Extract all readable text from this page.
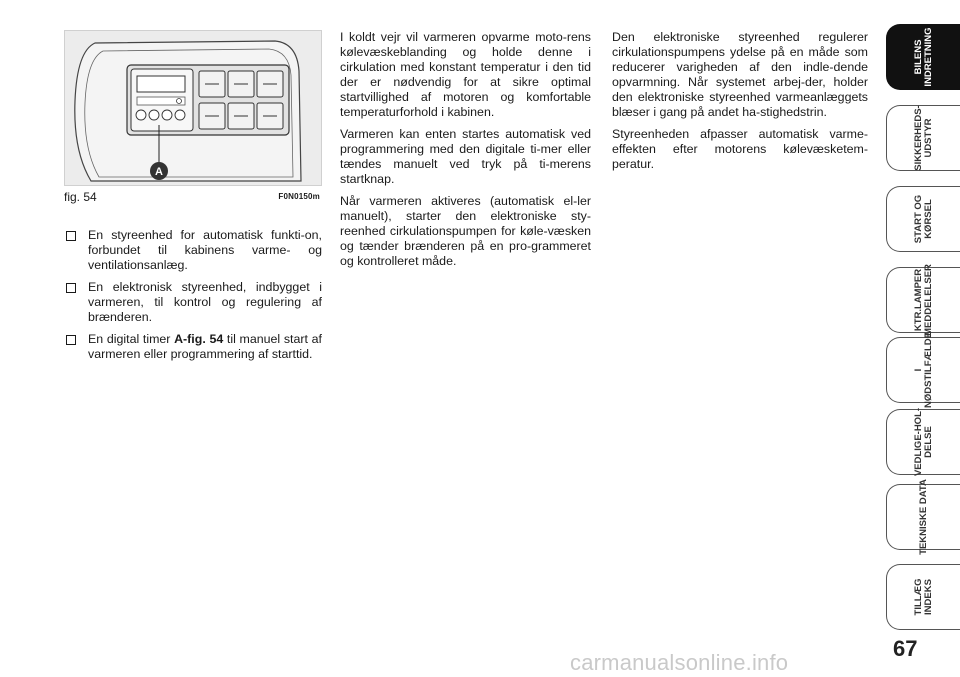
A
fig. 54	F0N0150m
En styreenhed for automatisk funkti-on, forbundet til kabinens varme- og ventilationsanlæg.
En elektronisk styreenhed, indbygget i varmeren, til kontrol og regulering af brænderen.
En digital timer A-fig. 54 til manuel start af varmeren eller programmering af starttid.

I koldt vejr vil varmeren opvarme moto-rens kølevæskeblanding og holde denne i cirkulation med konstant temperatur i den tid der er nødvendig for at sikre optimal startvillighed af motoren og komfortable temperaturforhold i kabinen.

Varmeren kan enten startes automatisk ved programmering med den digitale ti-mer eller tændes manuelt ved tryk på ti-merens startknap.

Når varmeren aktiveres (automatisk el-ler manuelt), starter den elektroniske sty-reenhed cirkulationspumpen for køle-væsken og tænder brænderen på en pro-grammeret og kontrolleret måde.

Den elektroniske styreenhed regulerer cirkulationspumpens ydelse på en måde som reducerer varigheden af den indle-dende opvarmning. Når systemet arbej-der, holder den elektroniske styreenhed varmeanlæggets blæser i gang på andet ha-stighedstrin.

Styreenheden afpasser automatisk varme-effekten efter motorens kølevæsketem-peratur.

BILENS
INDRETNING
SIKKERHEDS-
UDSTYR
START OG
KØRSEL
KTR.LAMPER
MEDDELELSER
I
NØDSTILFÆLDE
VEDLIGE-HOL-
DELSE
TEKNISKE DATA
TILLÆG
INDEKS
67
carmanualsonline.info
